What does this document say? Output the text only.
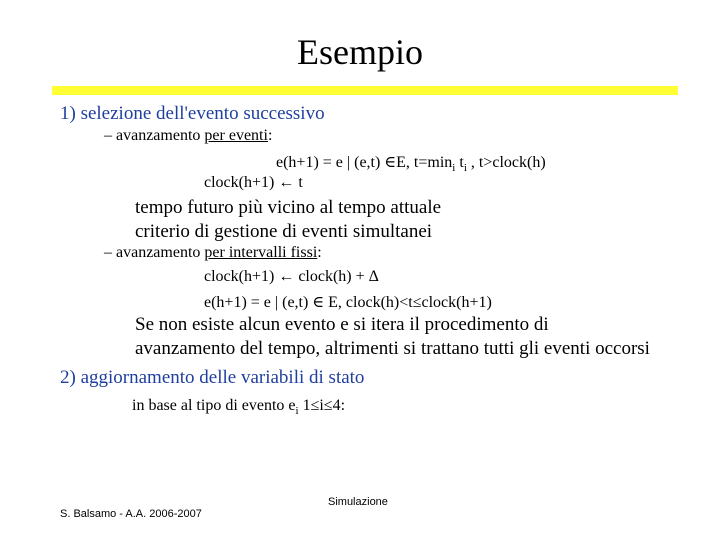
Esempio
1) selezione dell'evento successivo
– avanzamento per eventi:
e(h+1) = e | (e,t) ∈E, $t=\min_i$ $t_i$ , t>clock(h)
clock(h+1) ← t
tempo futuro più vicino al tempo attuale
criterio di gestione di eventi simultanei
– avanzamento per intervalli fissi:
clock(h+1) ← clock(h) + Δ
e(h+1) = e | (e,t) ∈ E, clock(h)<t≤clock(h+1)
Se non esiste alcun evento e si itera il procedimento di
avanzamento del tempo, altrimenti si trattano tutti gli eventi occorsi
2) aggiornamento delle variabili di stato
in base al tipo di evento $e_i$ 1≤i≤4:
S. Balsamo - A.A. 2006-2007
Simulazione
